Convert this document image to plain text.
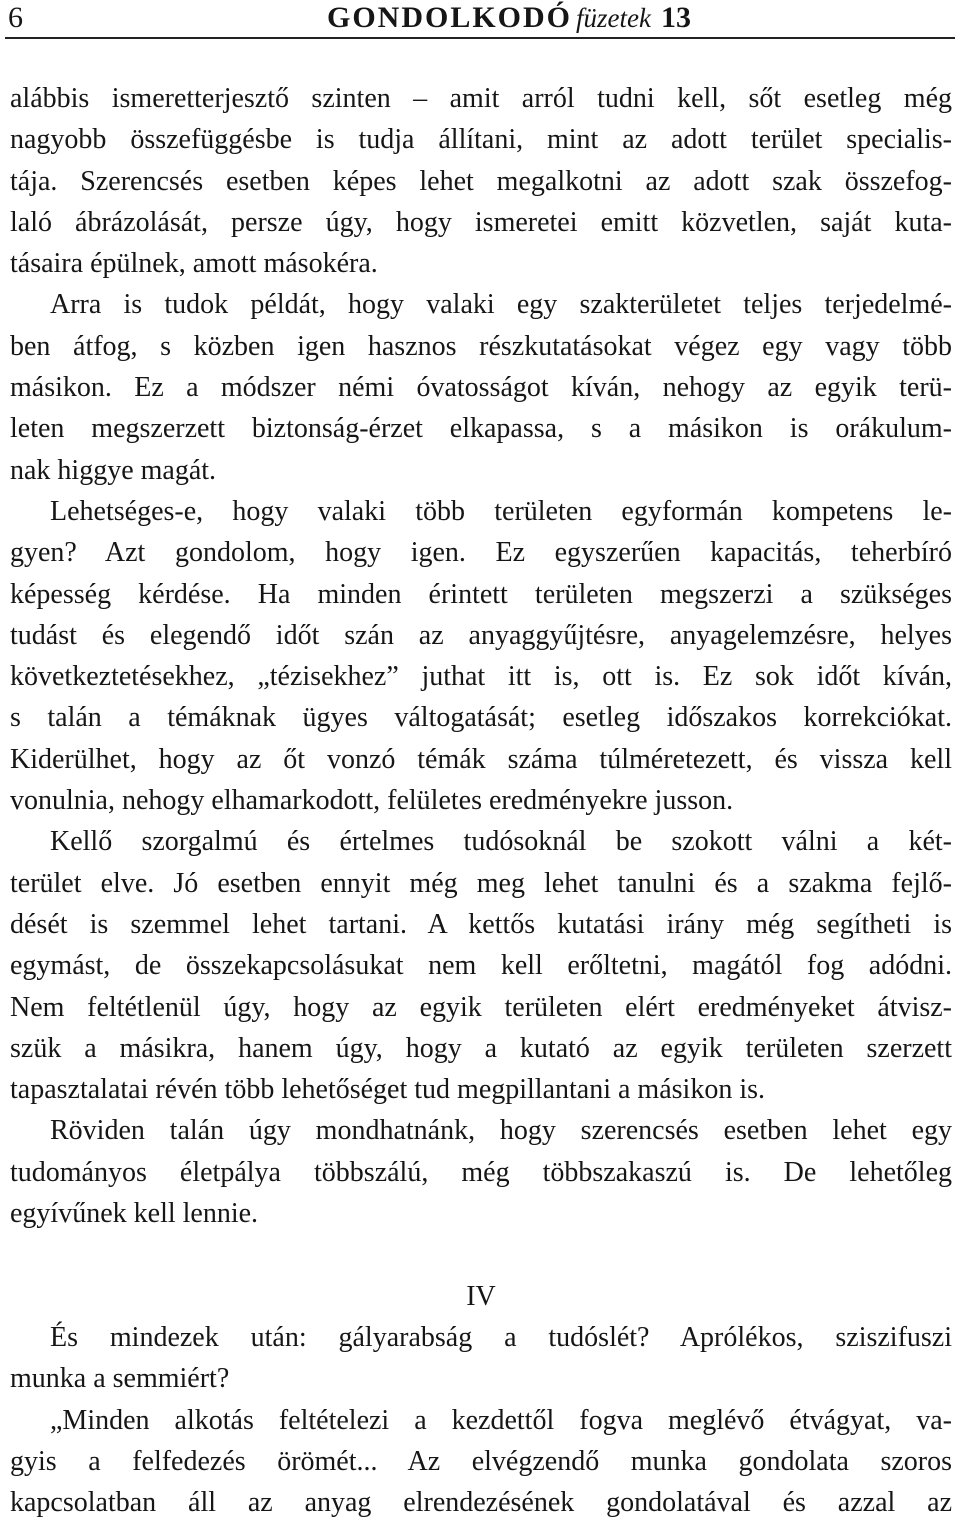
6	GONDOLKODÓ füzetek 13
alábbis ismeretterjesztő szinten – amit arról tudni kell, sőt esetleg még
nagyobb összefüggésbe is tudja állítani, mint az adott terület specialis-
tája. Szerencsés esetben képes lehet megalkotni az adott szak összefog-
laló ábrázolását, persze úgy, hogy ismeretei emitt közvetlen, saját kuta-
tásaira épülnek, amott másokéra.
Arra is tudok példát, hogy valaki egy szakterületet teljes terjedelmé-
ben átfog, s közben igen hasznos részkutatásokat végez egy vagy több
másikon. Ez a módszer némi óvatosságot kíván, nehogy az egyik terü-
leten megszerzett biztonság-érzet elkapassa, s a másikon is orákulum-
nak higgye magát.
Lehetséges-e, hogy valaki több területen egyformán kompetens le-
gyen? Azt gondolom, hogy igen. Ez egyszerűen kapacitás, teherbíró
képesség kérdése. Ha minden érintett területen megszerzi a szükséges
tudást és elegendő időt szán az anyaggyűjtésre, anyagelemzésre, helyes
következtetésekhez, „tézisekhez” juthat itt is, ott is. Ez sok időt kíván,
s talán a témáknak ügyes váltogatását; esetleg időszakos korrekciókat.
Kiderülhet, hogy az őt vonzó témák száma túlméretezett, és vissza kell
vonulnia, nehogy elhamarkodott, felületes eredményekre jusson.
Kellő szorgalmú és értelmes tudósoknál be szokott válni a két-
terület elve. Jó esetben ennyit még meg lehet tanulni és a szakma fejlő-
dését is szemmel lehet tartani. A kettős kutatási irány még segítheti is
egymást, de összekapcsolásukat nem kell erőltetni, magától fog adódni.
Nem feltétlenül úgy, hogy az egyik területen elért eredményeket átvisz-
szük a másikra, hanem úgy, hogy a kutató az egyik területen szerzett
tapasztalatai révén több lehetőséget tud megpillantani a másikon is.
Röviden talán úgy mondhatnánk, hogy szerencsés esetben lehet egy
tudományos életpálya többszálú, még többszakaszú is. De lehetőleg
egyívűnek kell lennie.
IV
És mindezek után: gályarabság a tudóslét? Aprólékos, sziszifuszi
munka a semmiért?
„Minden alkotás feltételezi a kezdettől fogva meglévő étvágyat, va-
gyis a felfedezés örömét... Az elvégzendő munka gondolata szoros
kapcsolatban áll az anyag elrendezésének gondolatával és azzal az
